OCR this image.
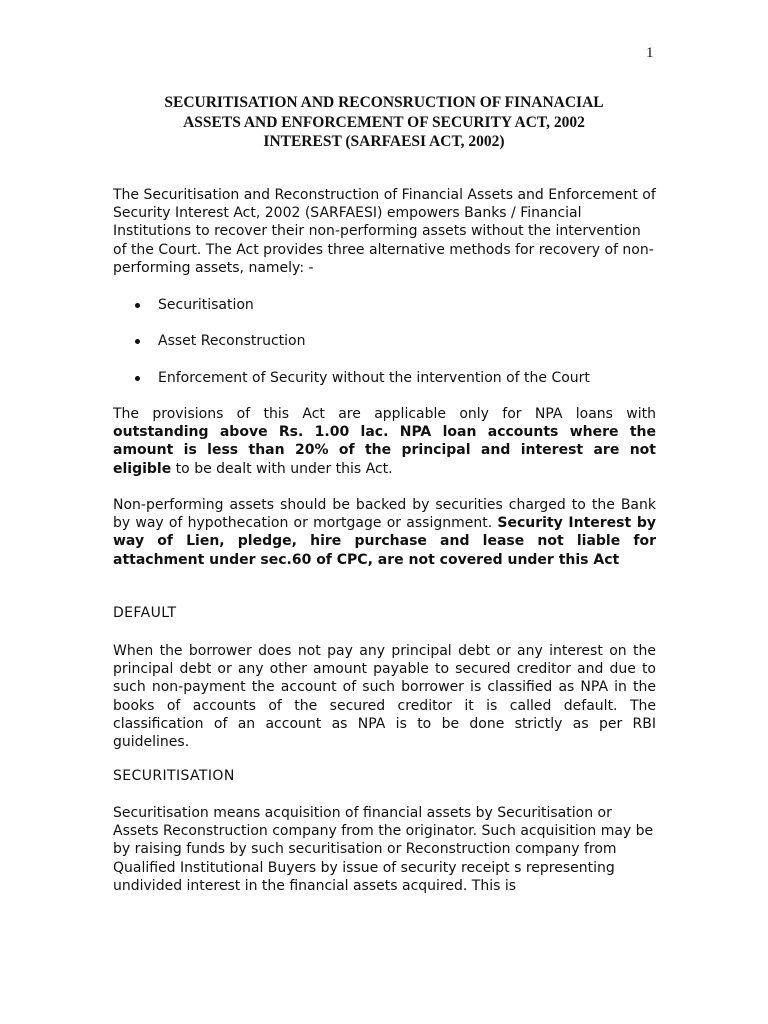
1
SECURITISATION AND RECONSRUCTION OF FINANACIAL
ASSETS AND ENFORCEMENT OF SECURITY ACT, 2002
INTEREST (SARFAESI ACT, 2002)
The Securitisation and Reconstruction of Financial Assets and Enforcement of Security Interest Act, 2002 (SARFAESI) empowers Banks / Financial Institutions to recover their non-performing assets without the intervention of the Court. The Act provides three alternative methods for recovery of non-performing assets, namely: -
Securitisation
Asset Reconstruction
Enforcement of Security without the intervention of the Court
The provisions of this Act are applicable only for NPA loans with outstanding above Rs. 1.00 lac. NPA loan accounts where the amount is less than 20% of the principal and interest are not eligible to be dealt with under this Act.
Non-performing assets should be backed by securities charged to the Bank by way of hypothecation or mortgage or assignment. Security Interest by way of Lien, pledge, hire purchase and lease not liable for attachment under sec.60 of CPC, are not covered under this Act
DEFAULT
When the borrower does not pay any principal debt or any interest on the principal debt or any other amount payable to secured creditor and due to such non-payment the account of such borrower is classified as NPA in the books of accounts of the secured creditor it is called default. The classification of an account as NPA is to be done strictly as per RBI guidelines.
SECURITISATION
Securitisation means acquisition of financial assets by Securitisation or Assets Reconstruction company from the originator. Such acquisition may be by raising funds by such securitisation or Reconstruction company from Qualified Institutional Buyers by issue of security receipt s representing undivided interest in the financial assets acquired. This is
